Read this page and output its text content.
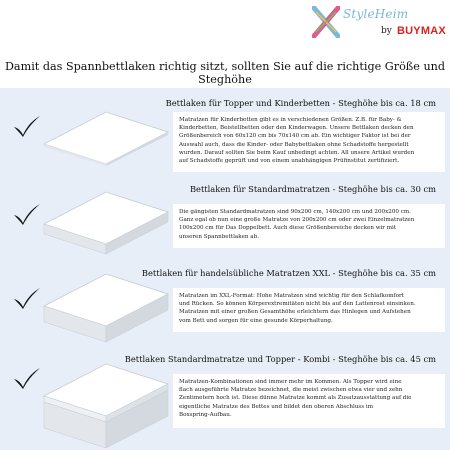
StyleHeim
by BUYMAX
Damit das Spannbettlaken richtig sitzt, sollten Sie auf die richtige Größe und Steghöhe
Bettlaken für Topper und Kinderbetten - Steghöhe bis ca. 18 cm
Matratzen für Kinderbetten gibt es in verschiedenen Größen. Z.B. für Baby- &
Kinderbetten, Beistellbetten oder den Kinderwagen. Unsere Bettlaken decken den
Größenbereich von 60x120 cm bis 70x140 cm ab. Ein wichtiger Faktor ist bei der
Auswahl auch, dass die Kinder- oder Babybettlaken ohne Schadstoffe hergestellt
wurden. Darauf sollten Sie beim Kauf unbedingt achten. All unsere Artikel wurden
auf Schadstoffe geprüft und von einem unabhängigen Prüfinstitut zertifiziert.
Bettlaken für Standardmatratzen - Steghöhe bis ca. 30 cm
Die gängisten Standardmatratzen sind 90x200 cm, 140x200 cm und 200x200 cm.
Ganz egal ob nun eine große Matratze von 200x200 cm oder zwei Einzelmatratzen
100x200 cm für Das Doppelbett. Auch diese Größenbereiche decken wir mit
unseren Spannbettlaken ab.
Bettlaken für handelsübliche Matratzen XXL - Steghöhe bis ca. 35 cm
Matratzen im XXL-Format: Hohe Matratzen sind wichtig für den Schlafkomfort
und Rücken. So können Körperextremitäten nicht bis auf den Lattenrost einsinken.
Matratzen mit einer großen Gesamthöhe erleichtern das Hinlegen und Aufstehen
vom Bett und sorgen für eine gesunde Körperhaltung.
Bettlaken Standardmatratze und Topper - Kombi - Steghöhe bis ca. 45 cm
Matratzen-Kombinationen sind immer mehr im Kommen. Als Topper wird eine
flach ausgeführte Matratze bezeichnet, die meist zwischen etwa vier und zehn
Zentimetern hoch ist. Diese dünne Matratze kommt als Zusatzausstattung auf die
eigentliche Matratze des Bettes und bildet den oberen Abschluss im
Boxspring-Aufbau.
